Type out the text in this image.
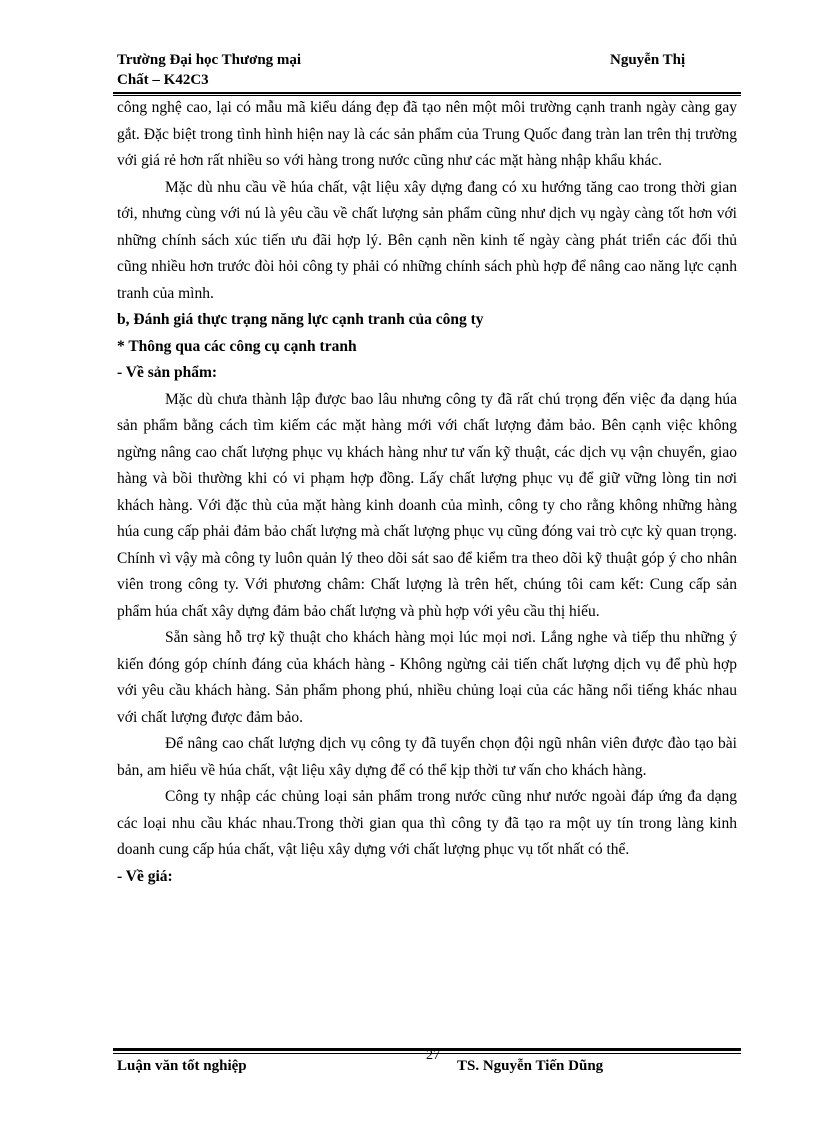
Trường Đại học Thương mại
Chất – K42C3
Nguyễn Thị

công nghệ cao, lại có mẫu mã kiểu dáng đẹp đã tạo nên một môi trường cạnh tranh ngày càng gay gắt. Đặc biệt trong tình hình hiện nay là các sản phẩm của Trung Quốc đang tràn lan trên thị trường với giá rẻ hơn rất nhiều so với hàng trong nước cũng như các mặt hàng nhập khẩu khác.

Mặc dù nhu cầu về húa chất, vật liệu xây dựng đang có xu hướng tăng cao trong thời gian tới, nhưng cùng với nú là yêu cầu về chất lượng sản phẩm cũng như dịch vụ ngày càng tốt hơn với những chính sách xúc tiến ưu đãi hợp lý. Bên cạnh nền kinh tế ngày càng phát triển các đối thủ cũng nhiều hơn trước đòi hỏi công ty phải có những chính sách phù hợp để nâng cao năng lực cạnh tranh của mình.

b, Đánh giá thực trạng năng lực cạnh tranh của công ty

* Thông qua các công cụ cạnh tranh

- Về sản phẩm:

Mặc dù chưa thành lập được bao lâu nhưng công ty đã rất chú trọng đến việc đa dạng húa sản phẩm bằng cách tìm kiếm các mặt hàng mới với chất lượng đảm bảo. Bên cạnh việc không ngừng nâng cao chất lượng phục vụ khách hàng như tư vấn kỹ thuật, các dịch vụ vận chuyển, giao hàng và bồi thường khi có vi phạm hợp đồng. Lấy chất lượng phục vụ để giữ vững lòng tin nơi khách hàng. Với đặc thù của mặt hàng kinh doanh của mình, công ty cho rằng không những hàng húa cung cấp phải đảm bảo chất lượng mà chất lượng phục vụ cũng đóng vai trò cực kỳ quan trọng. Chính vì vậy mà công ty luôn quản lý theo dõi sát sao để kiểm tra theo dõi kỹ thuật góp ý cho nhân viên trong công ty. Với phương châm: Chất lượng là trên hết, chúng tôi cam kết: Cung cấp sản phẩm húa chất xây dựng đảm bảo chất lượng và phù hợp với yêu cầu thị hiếu.

Sẵn sàng hỗ trợ kỹ thuật cho khách hàng mọi lúc mọi nơi. Lắng nghe và tiếp thu những ý kiến đóng góp chính đáng của khách hàng - Không ngừng cải tiến chất lượng dịch vụ để phù hợp với yêu cầu khách hàng. Sản phẩm phong phú, nhiều chủng loại của các hãng nổi tiếng khác nhau với chất lượng được đảm bảo.

Để nâng cao chất lượng dịch vụ công ty đã tuyển chọn đội ngũ nhân viên được đào tạo bài bản, am hiểu về húa chất, vật liệu xây dựng để có thể kịp thời tư vấn cho khách hàng.

Công ty nhập các chủng loại sản phẩm trong nước cũng như nước ngoài đáp ứng đa dạng các loại nhu cầu khác nhau.Trong thời gian qua thì công ty đã tạo ra một uy tín trong làng kinh doanh cung cấp húa chất, vật liệu xây dựng với chất lượng phục vụ tốt nhất có thể.

- Về giá:

Luận văn tốt nghiệp
27
TS. Nguyễn Tiến Dũng
